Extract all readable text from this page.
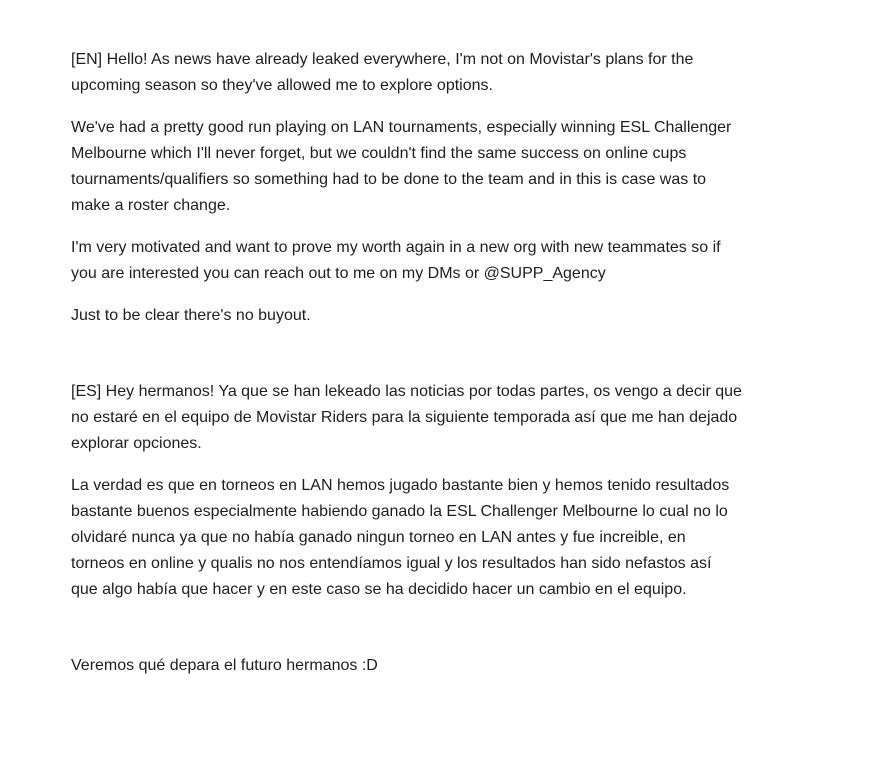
[EN] Hello! As news have already leaked everywhere, I'm not on Movistar's plans for the
upcoming season so they've allowed me to explore options.

We've had a pretty good run playing on LAN tournaments, especially winning ESL Challenger
Melbourne which I'll never forget, but we couldn't find the same success on online cups
tournaments/qualifiers so something had to be done to the team and in this is case was to
make a roster change.

I'm very motivated and want to prove my worth again in a new org with new teammates so if
you are interested you can reach out to me on my DMs or @SUPP_Agency

Just to be clear there's no buyout.

[ES] Hey hermanos! Ya que se han lekeado las noticias por todas partes, os vengo a decir que
no estaré en el equipo de Movistar Riders para la siguiente temporada así que me han dejado
explorar opciones.

La verdad es que en torneos en LAN hemos jugado bastante bien y hemos tenido resultados
bastante buenos especialmente habiendo ganado la ESL Challenger Melbourne lo cual no lo
olvidaré nunca ya que no había ganado ningun torneo en LAN antes y fue increible, en
torneos en online y qualis no nos entendíamos igual y los resultados han sido nefastos así
que algo había que hacer y en este caso se ha decidido hacer un cambio en el equipo.

Veremos qué depara el futuro hermanos :D
